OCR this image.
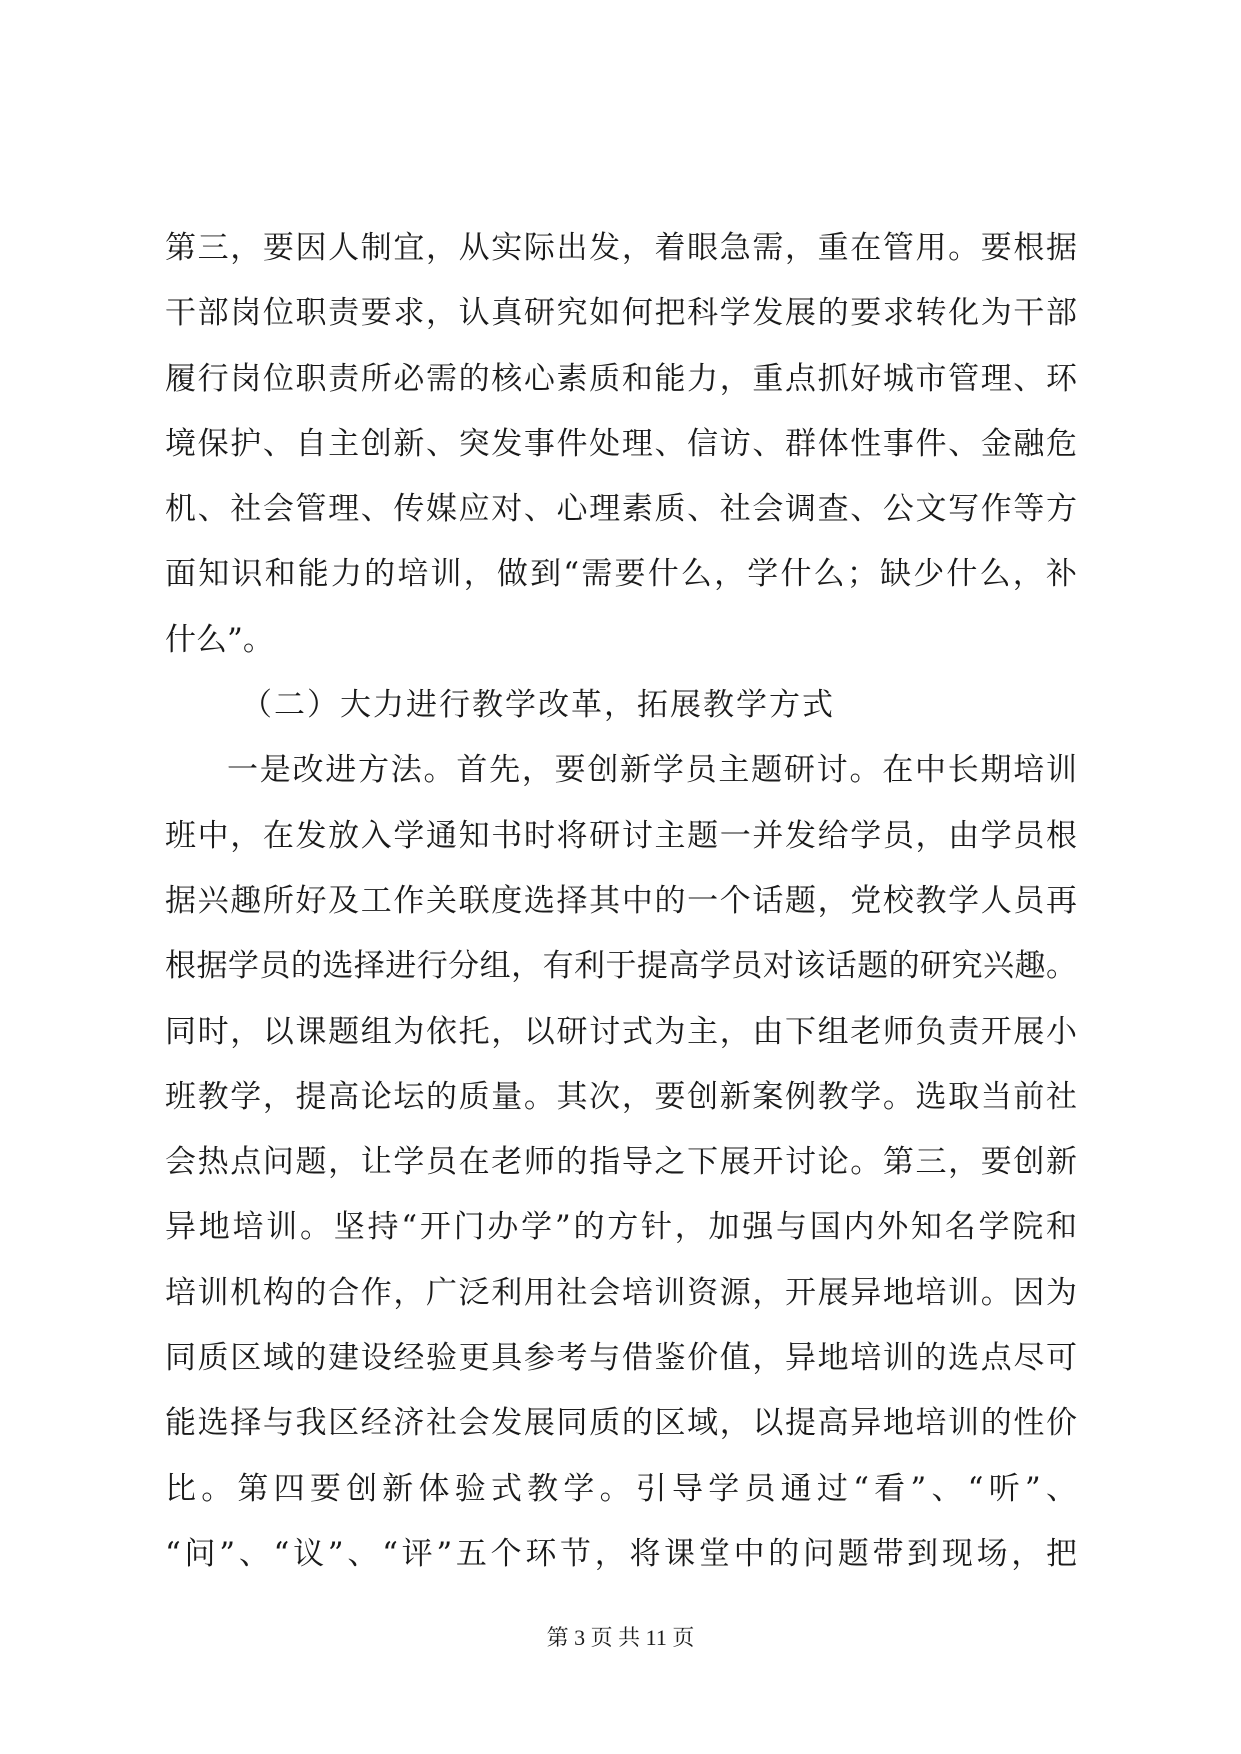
第三，要因人制宜，从实际出发，着眼急需，重在管用。要根据
干部岗位职责要求，认真研究如何把科学发展的要求转化为干部
履行岗位职责所必需的核心素质和能力，重点抓好城市管理、环
境保护、自主创新、突发事件处理、信访、群体性事件、金融危
机、社会管理、传媒应对、心理素质、社会调查、公文写作等方
面知识和能力的培训，做到“需要什么，学什么；缺少什么，补
什么”。
（二）大力进行教学改革，拓展教学方式
一是改进方法。首先，要创新学员主题研讨。在中长期培训
班中，在发放入学通知书时将研讨主题一并发给学员，由学员根
据兴趣所好及工作关联度选择其中的一个话题，党校教学人员再
根据学员的选择进行分组，有利于提高学员对该话题的研究兴趣。
同时，以课题组为依托，以研讨式为主，由下组老师负责开展小
班教学，提高论坛的质量。其次，要创新案例教学。选取当前社
会热点问题，让学员在老师的指导之下展开讨论。第三，要创新
异地培训。坚持“开门办学”的方针，加强与国内外知名学院和
培训机构的合作，广泛利用社会培训资源，开展异地培训。因为
同质区域的建设经验更具参考与借鉴价值，异地培训的选点尽可
能选择与我区经济社会发展同质的区域，以提高异地培训的性价
比。第四要创新体验式教学。引导学员通过“看”、“听”、
“问”、“议”、“评”五个环节，将课堂中的问题带到现场，把
第 3 页 共 11 页
